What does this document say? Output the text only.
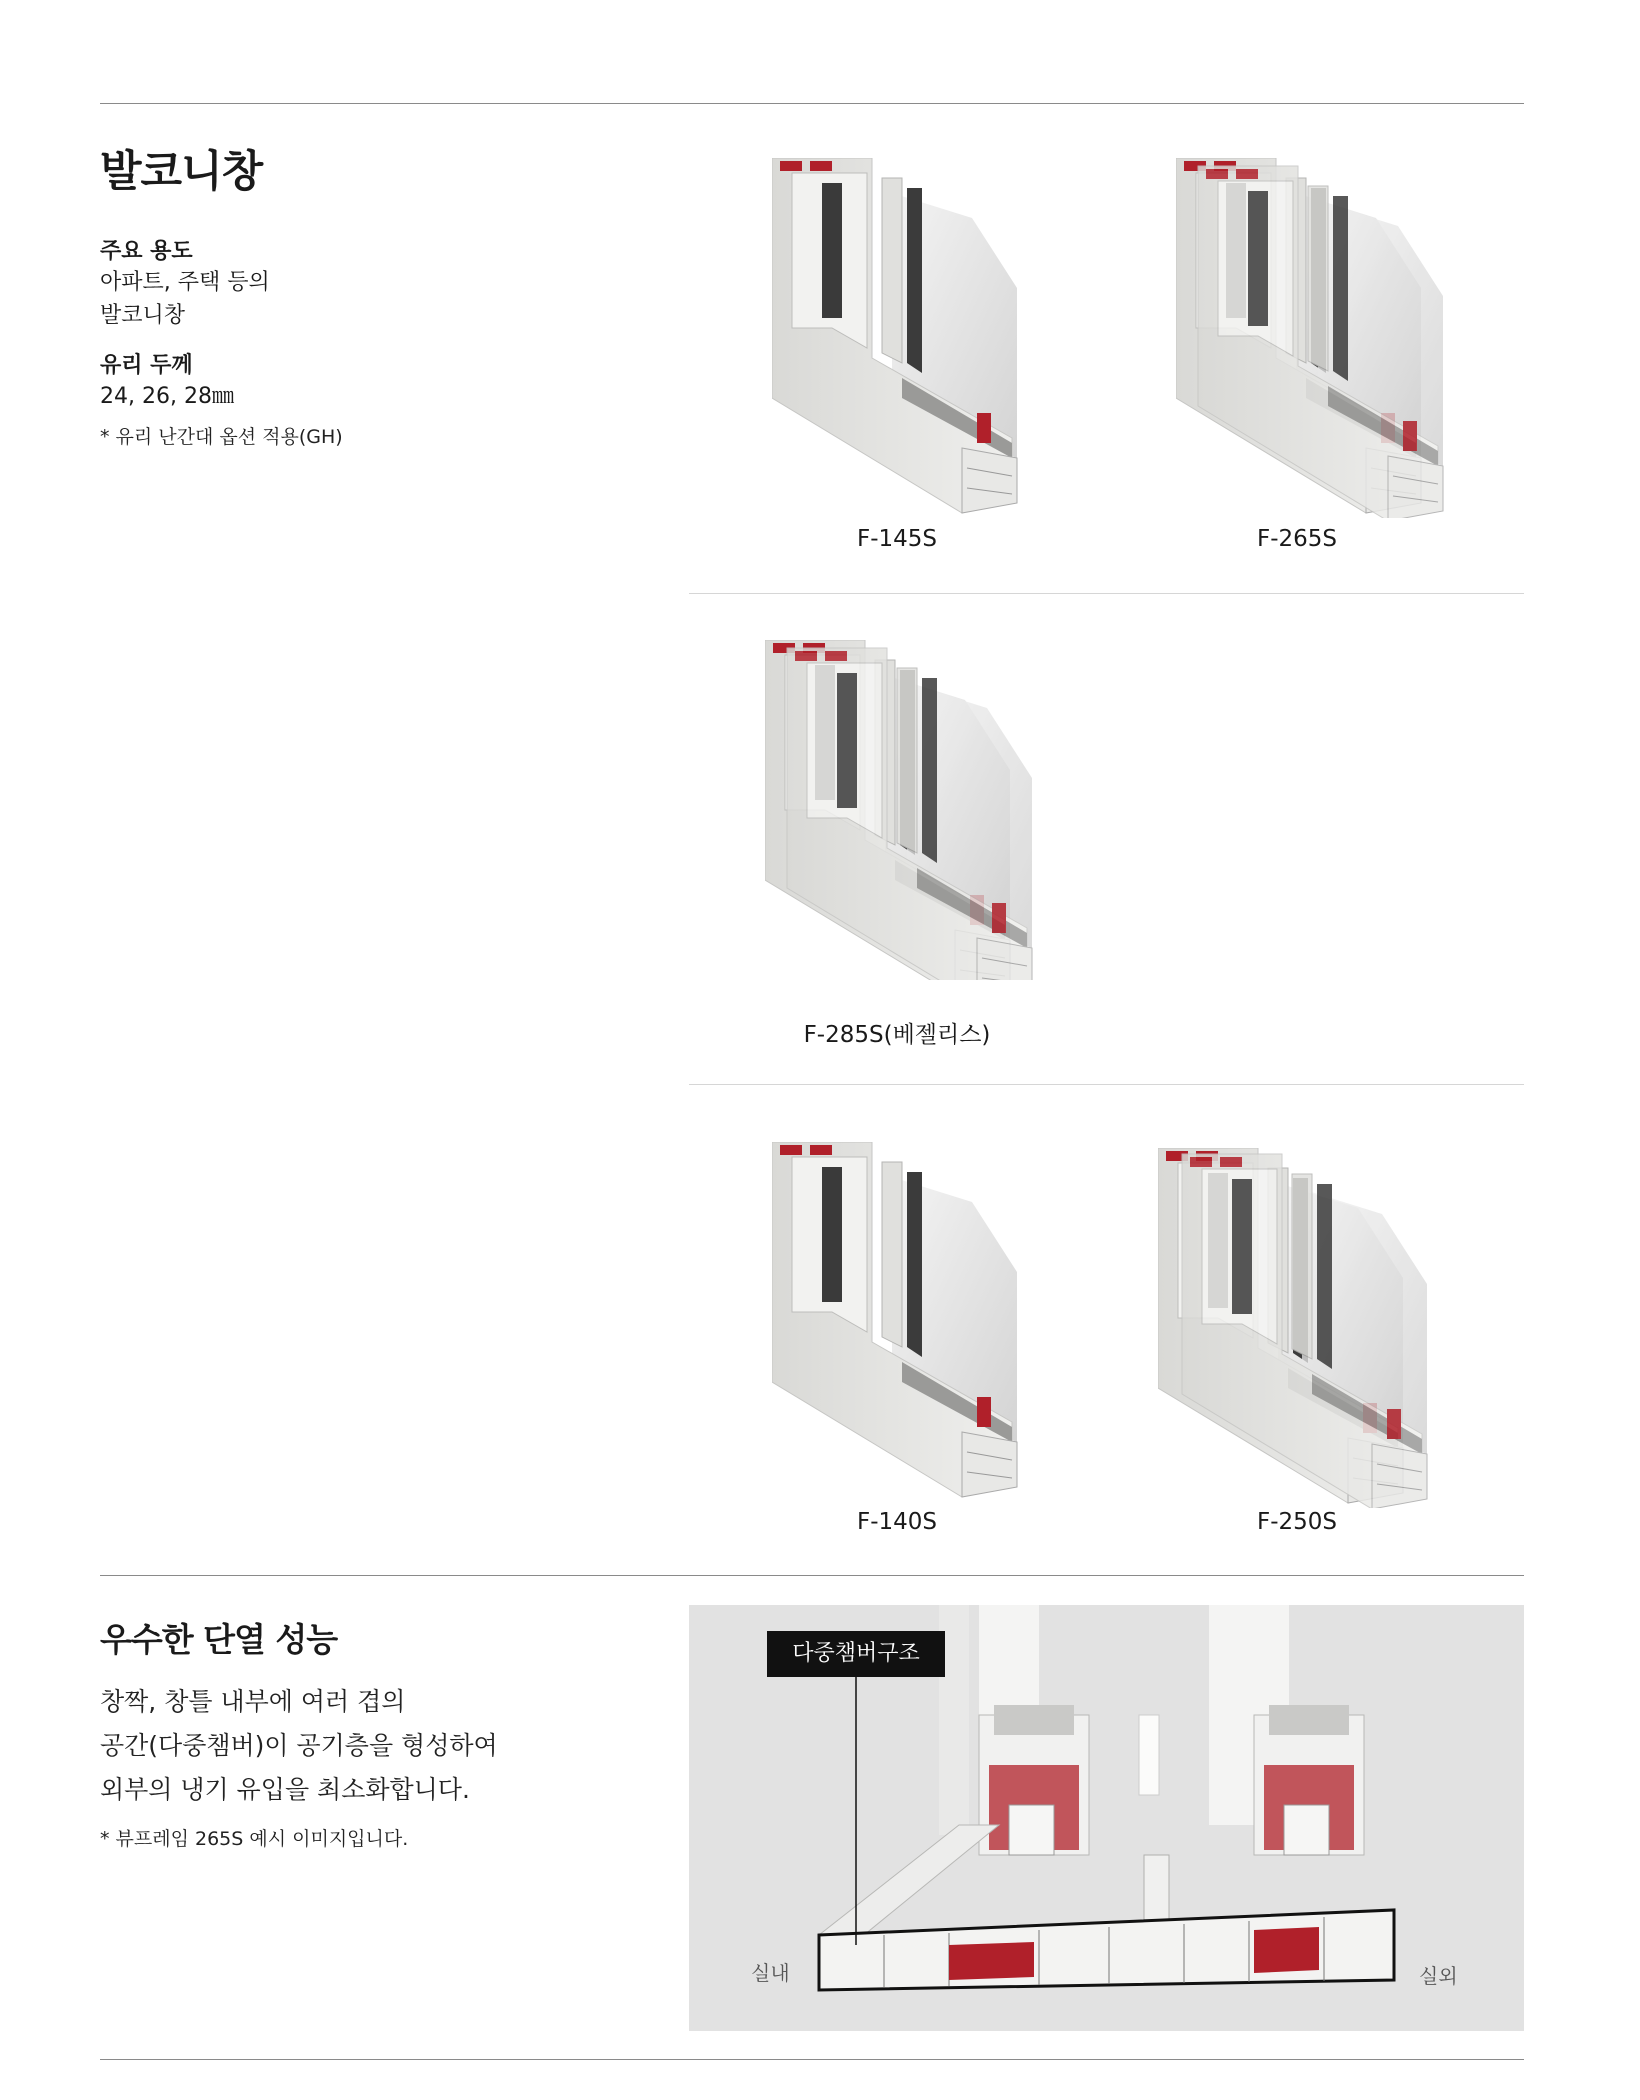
발코니창
주요 용도
아파트, 주택 등의
발코니창
유리 두께
24, 26, 28㎜
* 유리 난간대 옵션 적용(GH)
F-145S	F-265S
F-285S(베젤리스)
F-140S	F-250S
우수한 단열 성능
창짝, 창틀 내부에 여러 겹의
공간(다중챔버)이 공기층을 형성하여
외부의 냉기 유입을 최소화합니다.
* 뷰프레임 265S 예시 이미지입니다.
다중챔버구조
실내	실외
